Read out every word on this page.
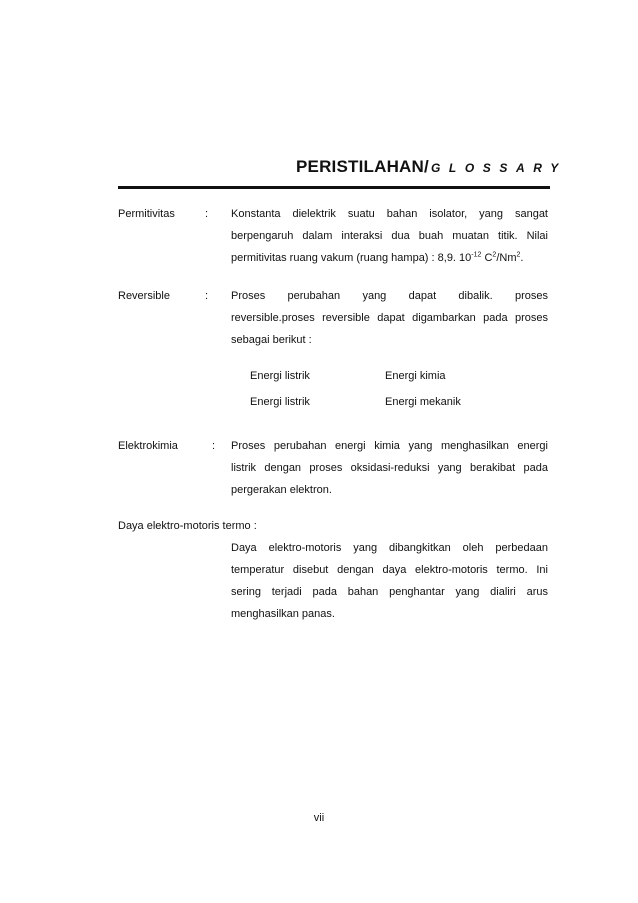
PERISTILAHAN/ GLOSSARY
Permitivitas	: Konstanta dielektrik suatu bahan isolator, yang sangat
berpengaruh dalam interaksi dua buah muatan titik. Nilai
permitivitas ruang vakum (ruang hampa) : 8,9. $10^{-12}$ $C^2/Nm^2$.
Reversible	: Proses perubahan yang dapat dibalik. proses
reversible.proses reversible dapat digambarkan pada proses
sebagai berikut :
Energi listrik	Energi kimia
Energi listrik	Energi mekanik
Elektrokimia	: Proses perubahan energi kimia yang menghasilkan energi
listrik dengan proses oksidasi-reduksi yang berakibat pada
pergerakan elektron.
Daya elektro-motoris termo :
Daya elektro-motoris yang dibangkitkan oleh perbedaan
temperatur disebut dengan daya elektro-motoris termo. Ini
sering terjadi pada bahan penghantar yang dialiri arus
menghasilkan panas.
vii
